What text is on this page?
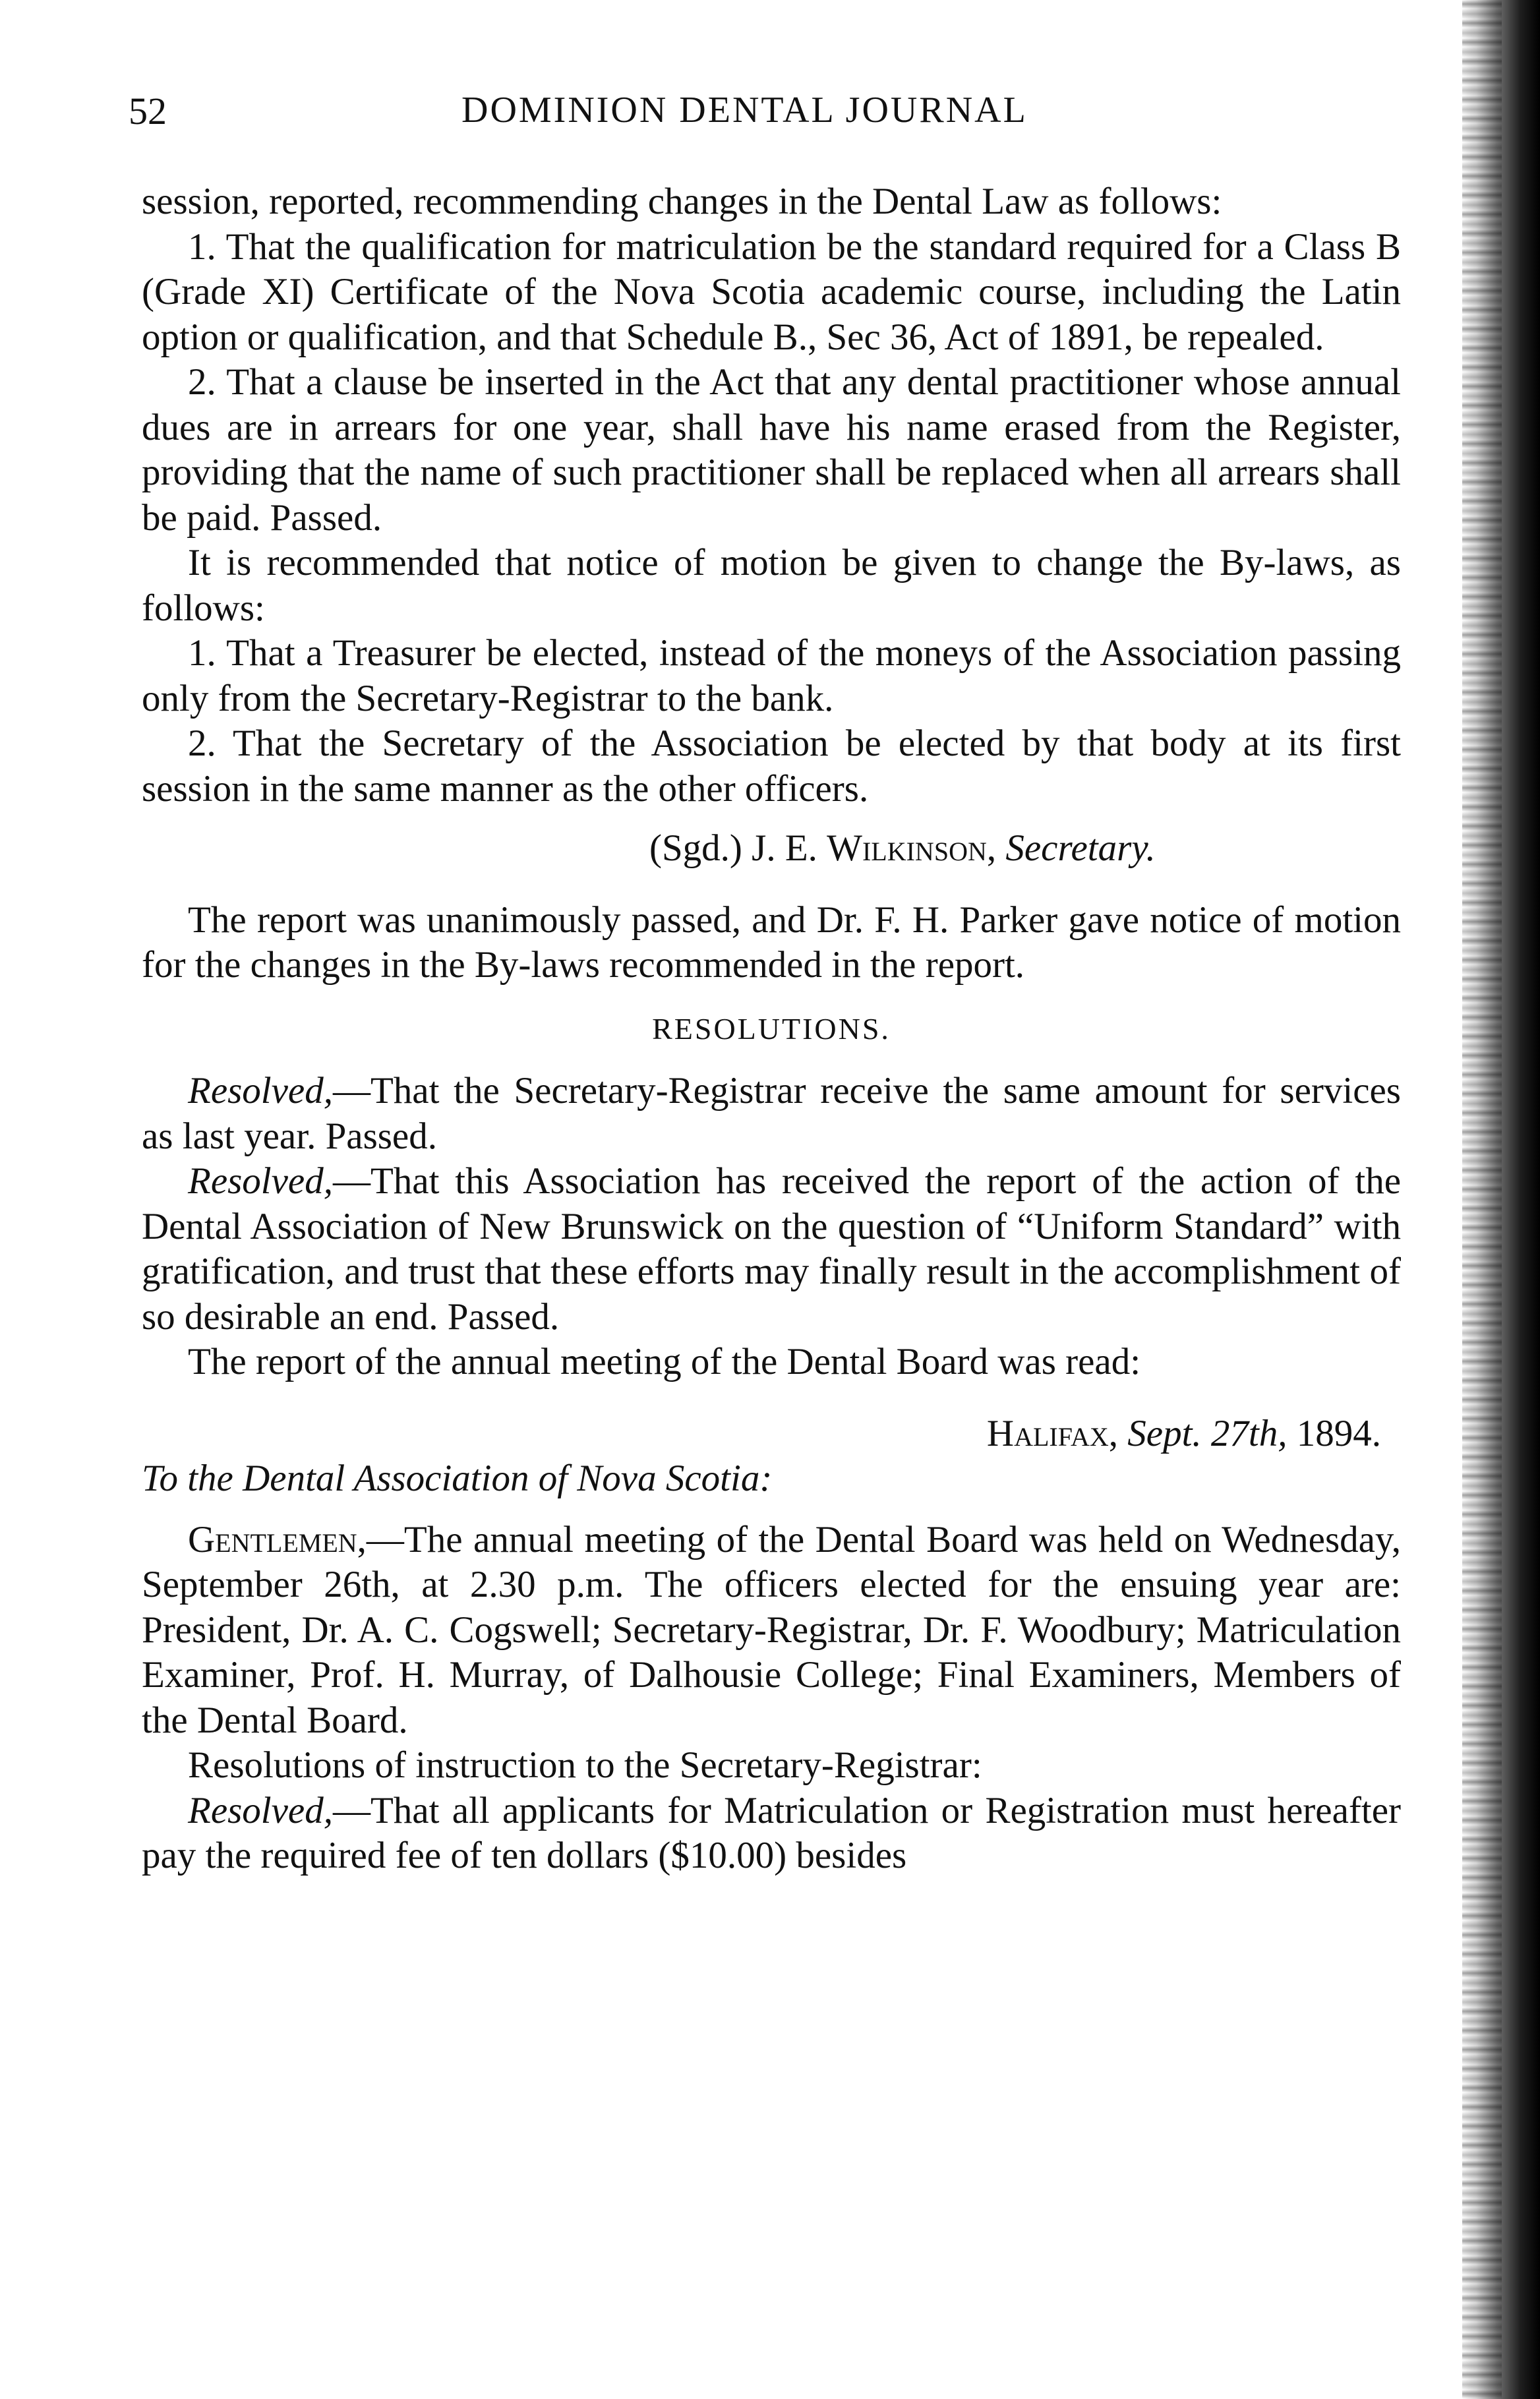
52	DOMINION DENTAL JOURNAL

session, reported, recommending changes in the Dental Law as follows:

1. That the qualification for matriculation be the standard required for a Class B (Grade XI) Certificate of the Nova Scotia academic course, including the Latin option or qualification, and that Schedule B., Sec 36, Act of 1891, be repealed.

2. That a clause be inserted in the Act that any dental practitioner whose annual dues are in arrears for one year, shall have his name erased from the Register, providing that the name of such practitioner shall be replaced when all arrears shall be paid. Passed.

It is recommended that notice of motion be given to change the By-laws, as follows:

1. That a Treasurer be elected, instead of the moneys of the Association passing only from the Secretary-Registrar to the bank.

2. That the Secretary of the Association be elected by that body at its first session in the same manner as the other officers.

(Sgd.) J. E. Wilkinson, Secretary.

The report was unanimously passed, and Dr. F. H. Parker gave notice of motion for the changes in the By-laws recommended in the report.

RESOLUTIONS.

Resolved,—That the Secretary-Registrar receive the same amount for services as last year. Passed.

Resolved,—That this Association has received the report of the action of the Dental Association of New Brunswick on the question of “Uniform Standard” with gratification, and trust that these efforts may finally result in the accomplishment of so desirable an end. Passed.

The report of the annual meeting of the Dental Board was read:

Halifax, Sept. 27th, 1894.

To the Dental Association of Nova Scotia:

Gentlemen,—The annual meeting of the Dental Board was held on Wednesday, September 26th, at 2.30 p.m. The officers elected for the ensuing year are: President, Dr. A. C. Cogswell; Secretary-Registrar, Dr. F. Woodbury; Matriculation Examiner, Prof. H. Murray, of Dalhousie College; Final Examiners, Members of the Dental Board.

Resolutions of instruction to the Secretary-Registrar:

Resolved,—That all applicants for Matriculation or Registration must hereafter pay the required fee of ten dollars ($10.00) besides
